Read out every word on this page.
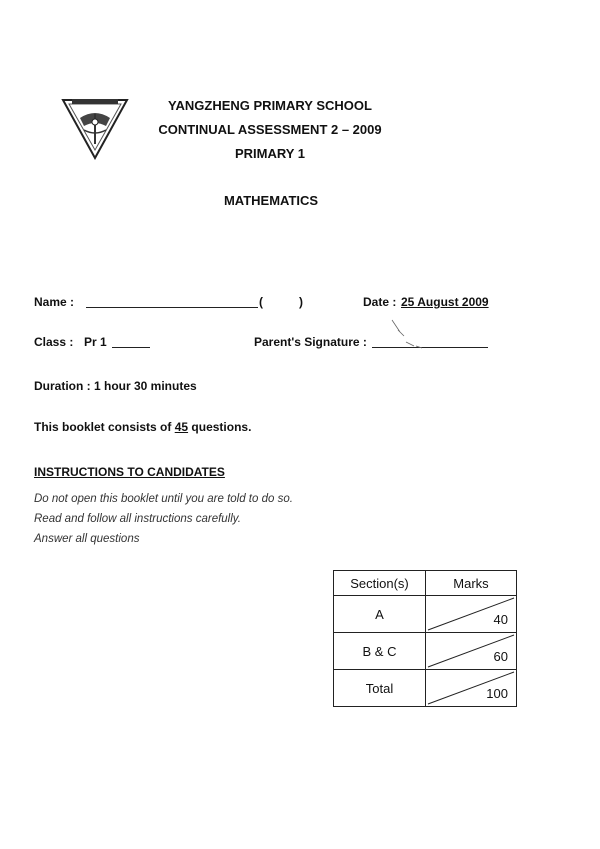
YANGZHENG PRIMARY SCHOOL
CONTINUAL ASSESSMENT 2 – 2009
PRIMARY 1
MATHEMATICS
Name :	(	)	Date : 25 August 2009
Class : Pr 1	Parent's Signature :
Duration : 1 hour 30 minutes
This booklet consists of 45 questions.
INSTRUCTIONS TO CANDIDATES
Do not open this booklet until you are told to do so.
Read and follow all instructions carefully.
Answer all questions
Section(s)	Marks
A	40

B & C	60

Total	100
